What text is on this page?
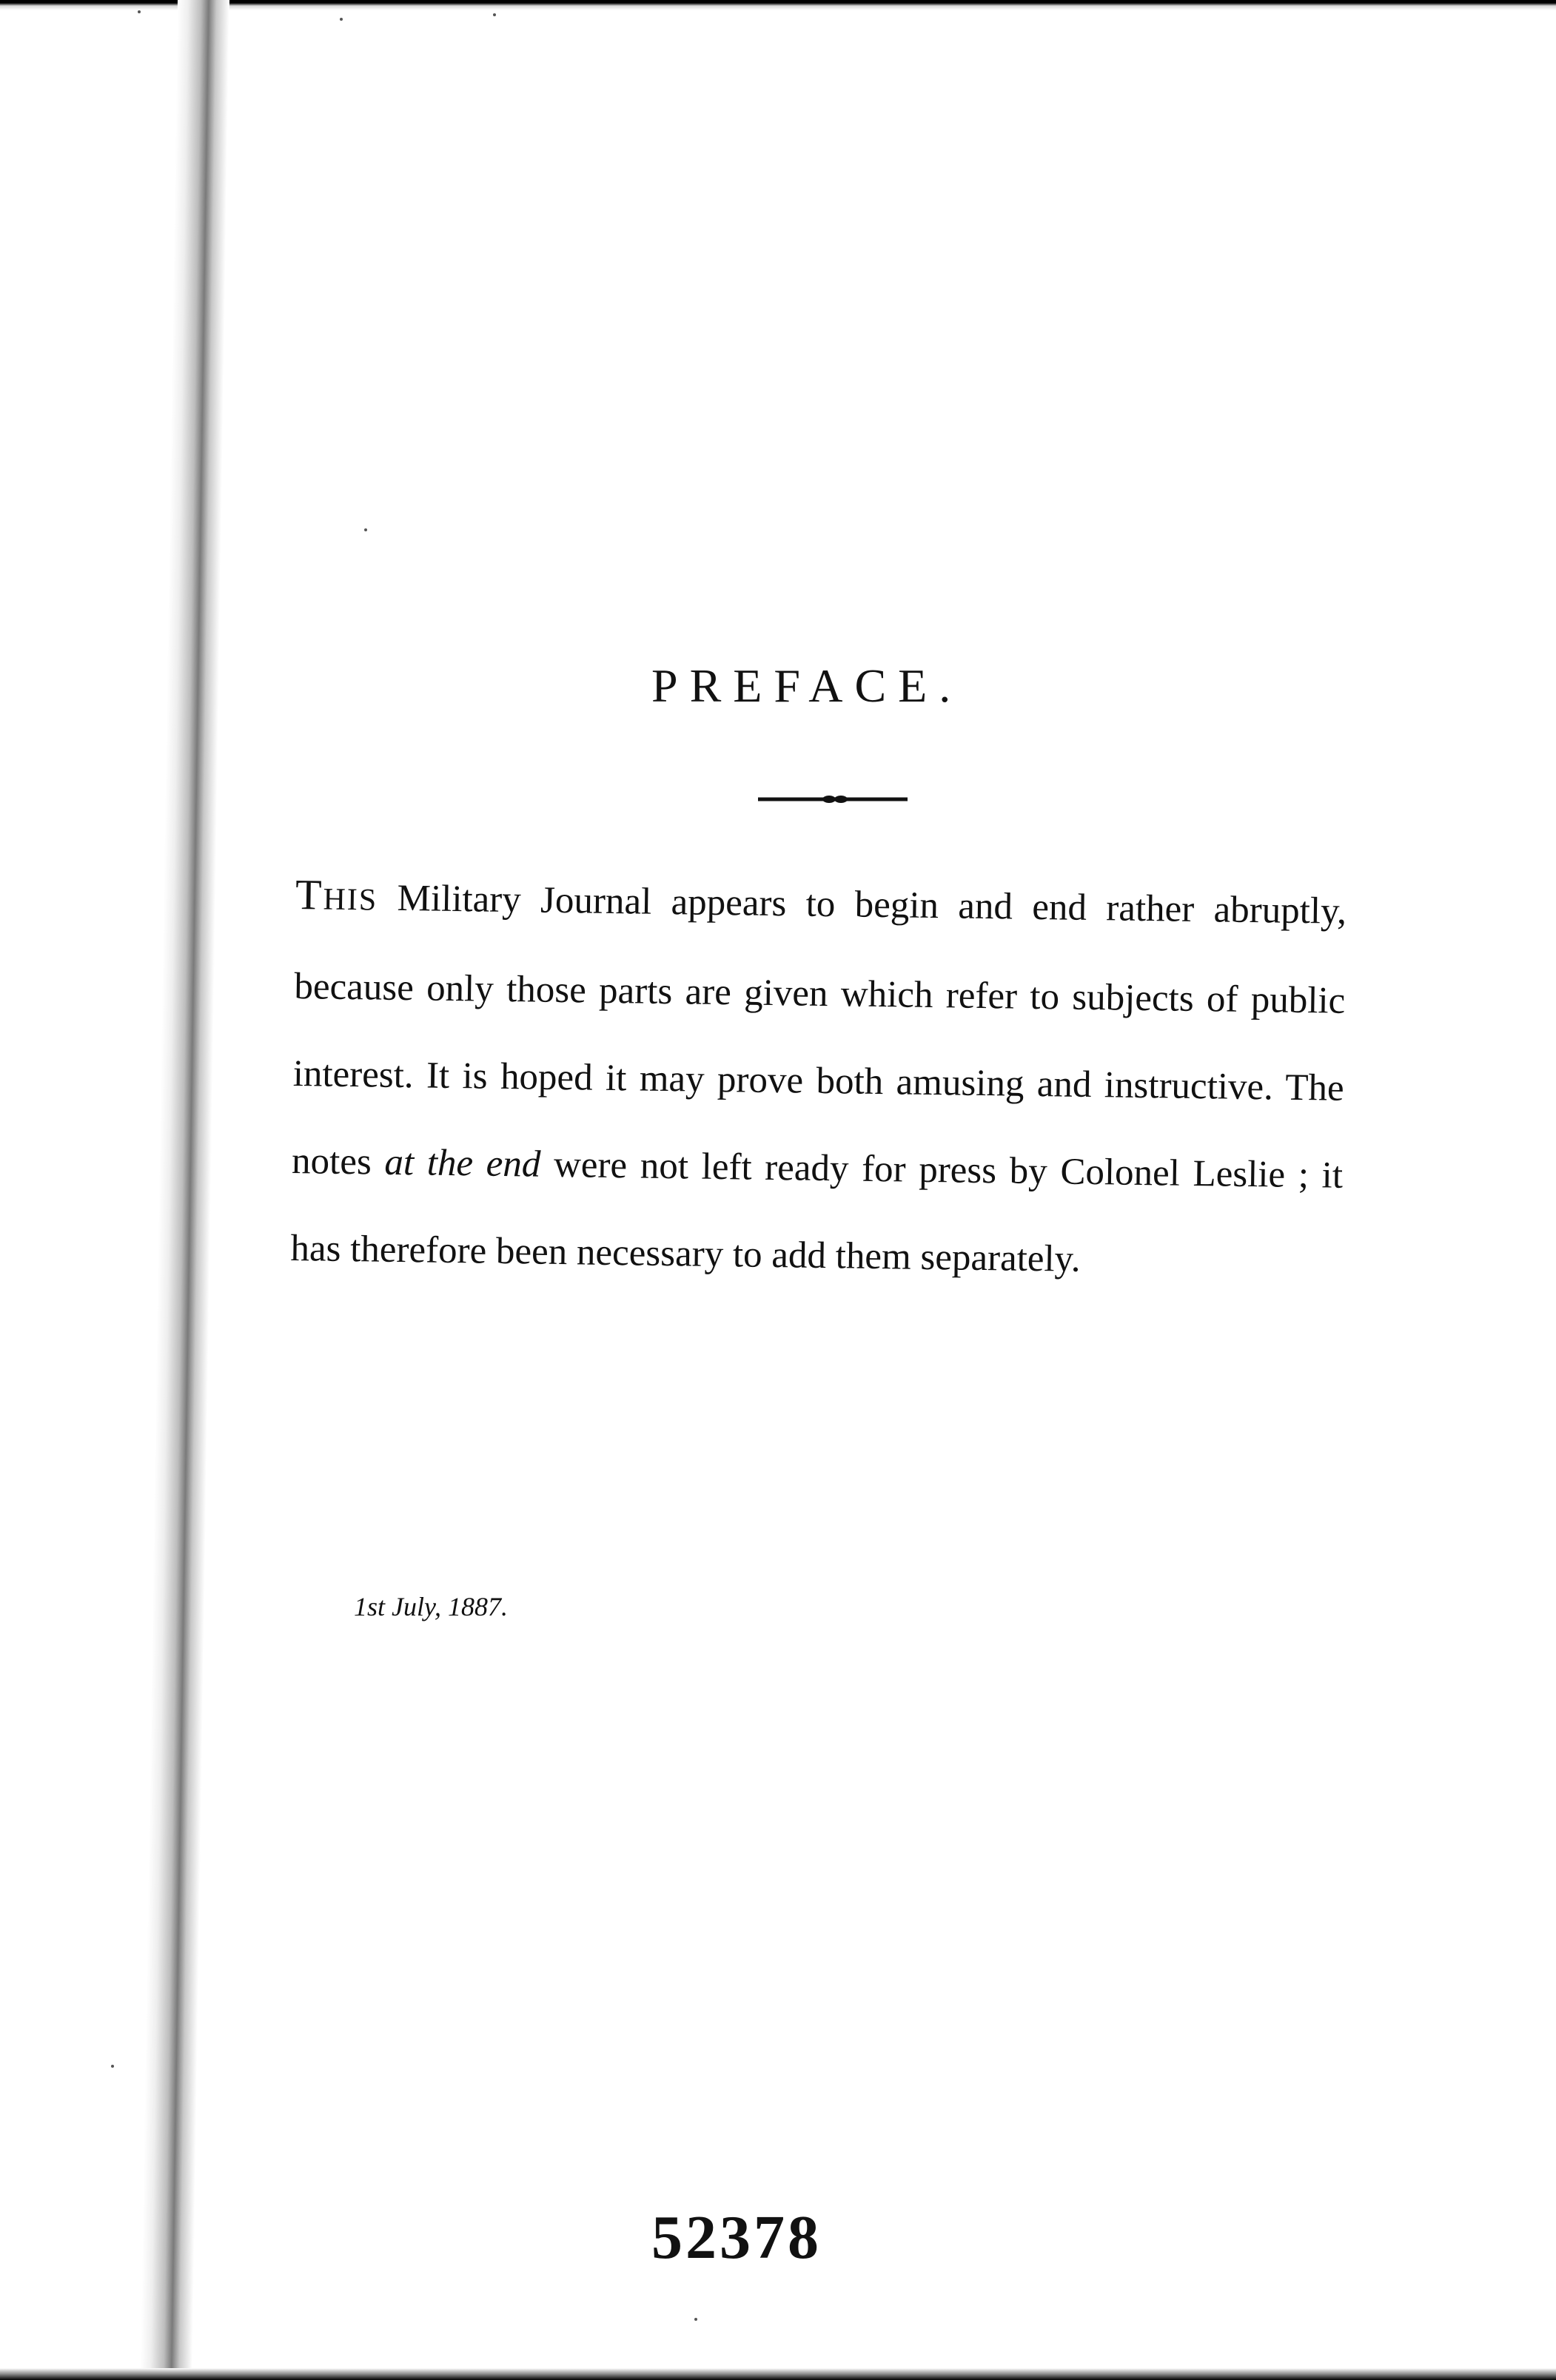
PREFACE.

THIS Military Journal appears to begin and end rather abruptly, because only those parts are given which refer to subjects of public interest. It is hoped it may prove both amusing and instructive. The notes at the end were not left ready for press by Colonel Leslie ; it has therefore been necessary to add them separately.

1st July, 1887.
52378
